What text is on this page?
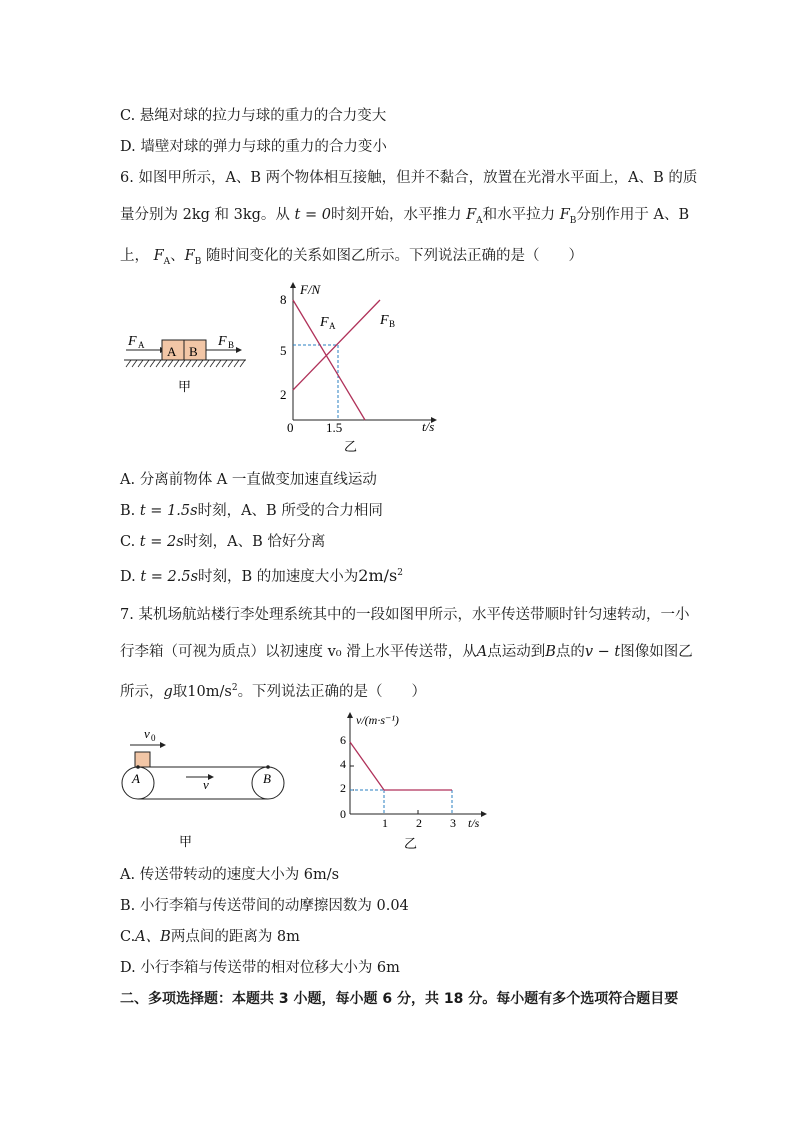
C. 悬绳对球的拉力与球的重力的合力变大
D. 墙壁对球的弹力与球的重力的合力变小
6. 如图甲所示，A、B 两个物体相互接触，但并不黏合，放置在光滑水平面上，A、B 的质
量分别为 2kg 和 3kg。从 t = 0时刻开始，水平推力 $F_A$和水平拉力 $F_B$分别作用于 A、B
上， $F_A$、$F_B$ 随时间变化的关系如图乙所示。下列说法正确的是（　　）
F A A B
F B
甲
F/N
t/s
8
5
2
0	1.5
F A	F B
乙
A. 分离前物体 A 一直做变加速直线运动
B. t = 1.5s时刻，A、B 所受的合力相同
C. t = 2s时刻，A、B 恰好分离
D. t = 2.5s时刻，B 的加速度大小为$2m/s^2$
7. 某机场航站楼行李处理系统其中的一段如图甲所示，水平传送带顺时针匀速转动，一小
行李箱（可视为质点）以初速度 v₀ 滑上水平传送带，从A点运动到B点的v − t图像如图乙
所示，g取$10m/s^2$。下列说法正确的是（　　）
v 0
A	B
v
甲
v/(m·s⁻¹)
t/s
6
4
2
0
1 2 3
乙
A. 传送带转动的速度大小为 6m/s
B. 小行李箱与传送带间的动摩擦因数为 0.04
C.A、B两点间的距离为 8m
D. 小行李箱与传送带的相对位移大小为 6m
二、多项选择题：本题共 3 小题，每小题 6 分，共 18 分。每小题有多个选项符合题目要
